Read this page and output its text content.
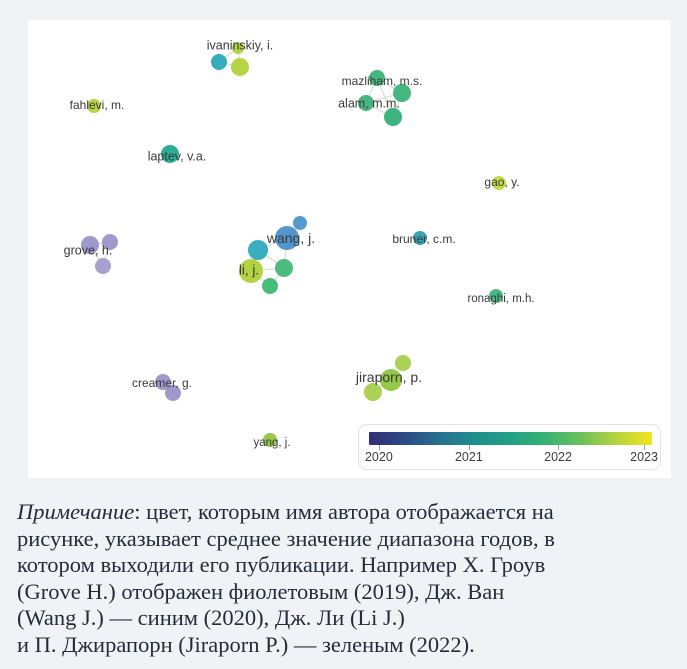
ivaninskiy, i.
fahlevi, m.
laptev, v.a.
mazliham, m.s.
alam, m.m.
gao, y.
wang, j.
li, j.
bruner, c.m.
grove, h.
ronaghi, m.h.
creamer, g.	jiraporn, p.
yang, j.
2020	2021	2022	2023
Примечание: цвет, которым имя автора отображается на
рисунке, указывает среднее значение диапазона годов, в
котором выходили его публикации. Например Х. Гроув
(Grove H.) отображен фиолетовым (2019), Дж. Ван
(Wang J.) — синим (2020), Дж. Ли (Li J.)
и П. Джирапорн (Jiraporn P.) — зеленым (2022).
